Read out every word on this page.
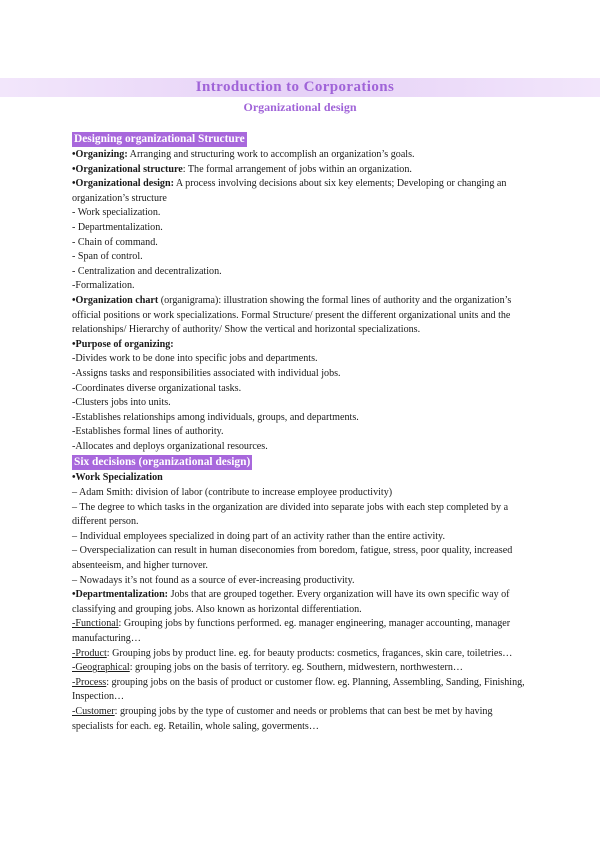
Introduction to Corporations
Organizational design
Designing organizational Structure
•Organizing: Arranging and structuring work to accomplish an organization’s goals.
•Organizational structure: The formal arrangement of jobs within an organization.
•Organizational design: A process involving decisions about six key elements; Developing or changing an organization’s structure
- Work specialization.
- Departmentalization.
- Chain of command.
- Span of control.
- Centralization and decentralization.
-Formalization.
•Organization chart (organigrama): illustration showing the formal lines of authority and the organization’s official positions or work specializations. Formal Structure/ present the different organizational units and the relationships/ Hierarchy of authority/ Show the vertical and horizontal specializations.
•Purpose of organizing:
-Divides work to be done into specific jobs and departments.
-Assigns tasks and responsibilities associated with individual jobs.
-Coordinates diverse organizational tasks.
-Clusters jobs into units.
-Establishes relationships among individuals, groups, and departments.
-Establishes formal lines of authority.
-Allocates and deploys organizational resources.
Six decisions (organizational design)
•Work Specialization
– Adam Smith: division of labor (contribute to increase employee productivity)
– The degree to which tasks in the organization are divided into separate jobs with each step completed by a different person.
– Individual employees specialized in doing part of an activity rather than the entire activity.
– Overspecialization can result in human diseconomies from boredom, fatigue, stress, poor quality, increased absenteeism, and higher turnover.
– Nowadays it’s not found as a source of ever-increasing productivity.
•Departmentalization: Jobs that are grouped together. Every organization will have its own specific way of classifying and grouping jobs. Also known as horizontal differentiation.
-Functional: Grouping jobs by functions performed. eg. manager engineering, manager accounting, manager manufacturing…
-Product: Grouping jobs by product line. eg. for beauty products: cosmetics, fragances, skin care, toiletries…
-Geographical: grouping jobs on the basis of territory. eg. Southern, midwestern, northwestern…
-Process: grouping jobs on the basis of product or customer flow. eg. Planning, Assembling, Sanding, Finishing, Inspection…
-Customer: grouping jobs by the type of customer and needs or problems that can best be met by having specialists for each. eg. Retailin, whole saling, goverments…
